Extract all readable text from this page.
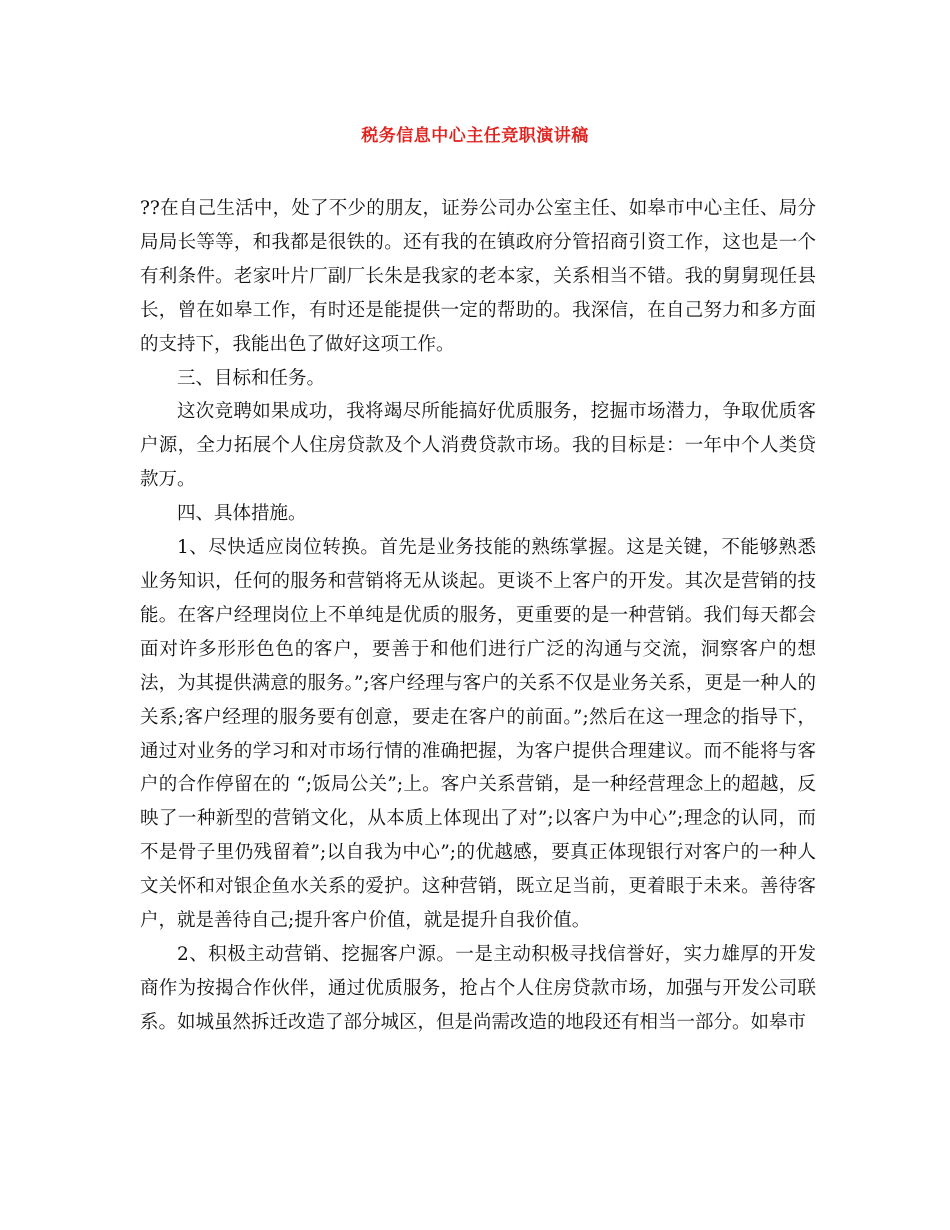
税务信息中心主任竞职演讲稿

??在自己生活中，处了不少的朋友，证券公司办公室主任、如皋市中心主任、局分局局长等等，和我都是很铁的。还有我的在镇政府分管招商引资工作，这也是一个有利条件。老家叶片厂副厂长朱是我家的老本家，关系相当不错。我的舅舅现任县长，曾在如皋工作，有时还是能提供一定的帮助的。我深信，在自己努力和多方面的支持下，我能出色了做好这项工作。

三、目标和任务。

这次竞聘如果成功，我将竭尽所能搞好优质服务，挖掘市场潜力，争取优质客户源，全力拓展个人住房贷款及个人消费贷款市场。我的目标是：一年中个人类贷款万。

四、具体措施。

1、尽快适应岗位转换。首先是业务技能的熟练掌握。这是关键，不能够熟悉业务知识，任何的服务和营销将无从谈起。更谈不上客户的开发。其次是营销的技能。在客户经理岗位上不单纯是优质的服务，更重要的是一种营销。我们每天都会面对许多形形色色的客户，要善于和他们进行广泛的沟通与交流，洞察客户的想法，为其提供满意的服务。”;客户经理与客户的关系不仅是业务关系，更是一种人的关系;客户经理的服务要有创意，要走在客户的前面。”;然后在这一理念的指导下，通过对业务的学习和对市场行情的准确把握，为客户提供合理建议。而不能将与客户的合作停留在的 “;饭局公关”;上。客户关系营销，是一种经营理念上的超越，反映了一种新型的营销文化，从本质上体现出了对”;以客户为中心”;理念的认同，而不是骨子里仍残留着”;以自我为中心”;的优越感，要真正体现银行对客户的一种人文关怀和对银企鱼水关系的爱护。这种营销，既立足当前，更着眼于未来。善待客户，就是善待自己;提升客户价值，就是提升自我价值。

2、积极主动营销、挖掘客户源。一是主动积极寻找信誉好，实力雄厚的开发商作为按揭合作伙伴，通过优质服务，抢占个人住房贷款市场，加强与开发公司联系。如城虽然拆迁改造了部分城区，但是尚需改造的地段还有相当一部分。如皋市
